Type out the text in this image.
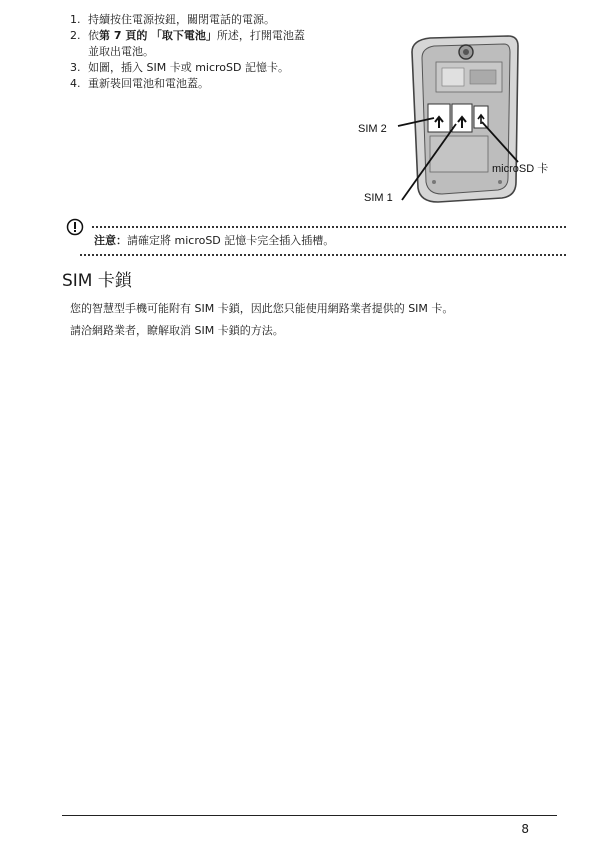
1. 持續按住電源按鈕，關閉電話的電源。
2. 依第 7 頁的 「取下電池」所述，打開電池蓋
並取出電池。
3. 如圖，插入 SIM 卡或 microSD 記憶卡。
4. 重新裝回電池和電池蓋。
SIM 2
SIM 1
microSD 卡
注意：請確定將 microSD 記憶卡完全插入插槽。
SIM 卡鎖

您的智慧型手機可能附有 SIM 卡鎖，因此您只能使用網路業者提供的 SIM 卡。

請洽網路業者，瞭解取消 SIM 卡鎖的方法。

8
